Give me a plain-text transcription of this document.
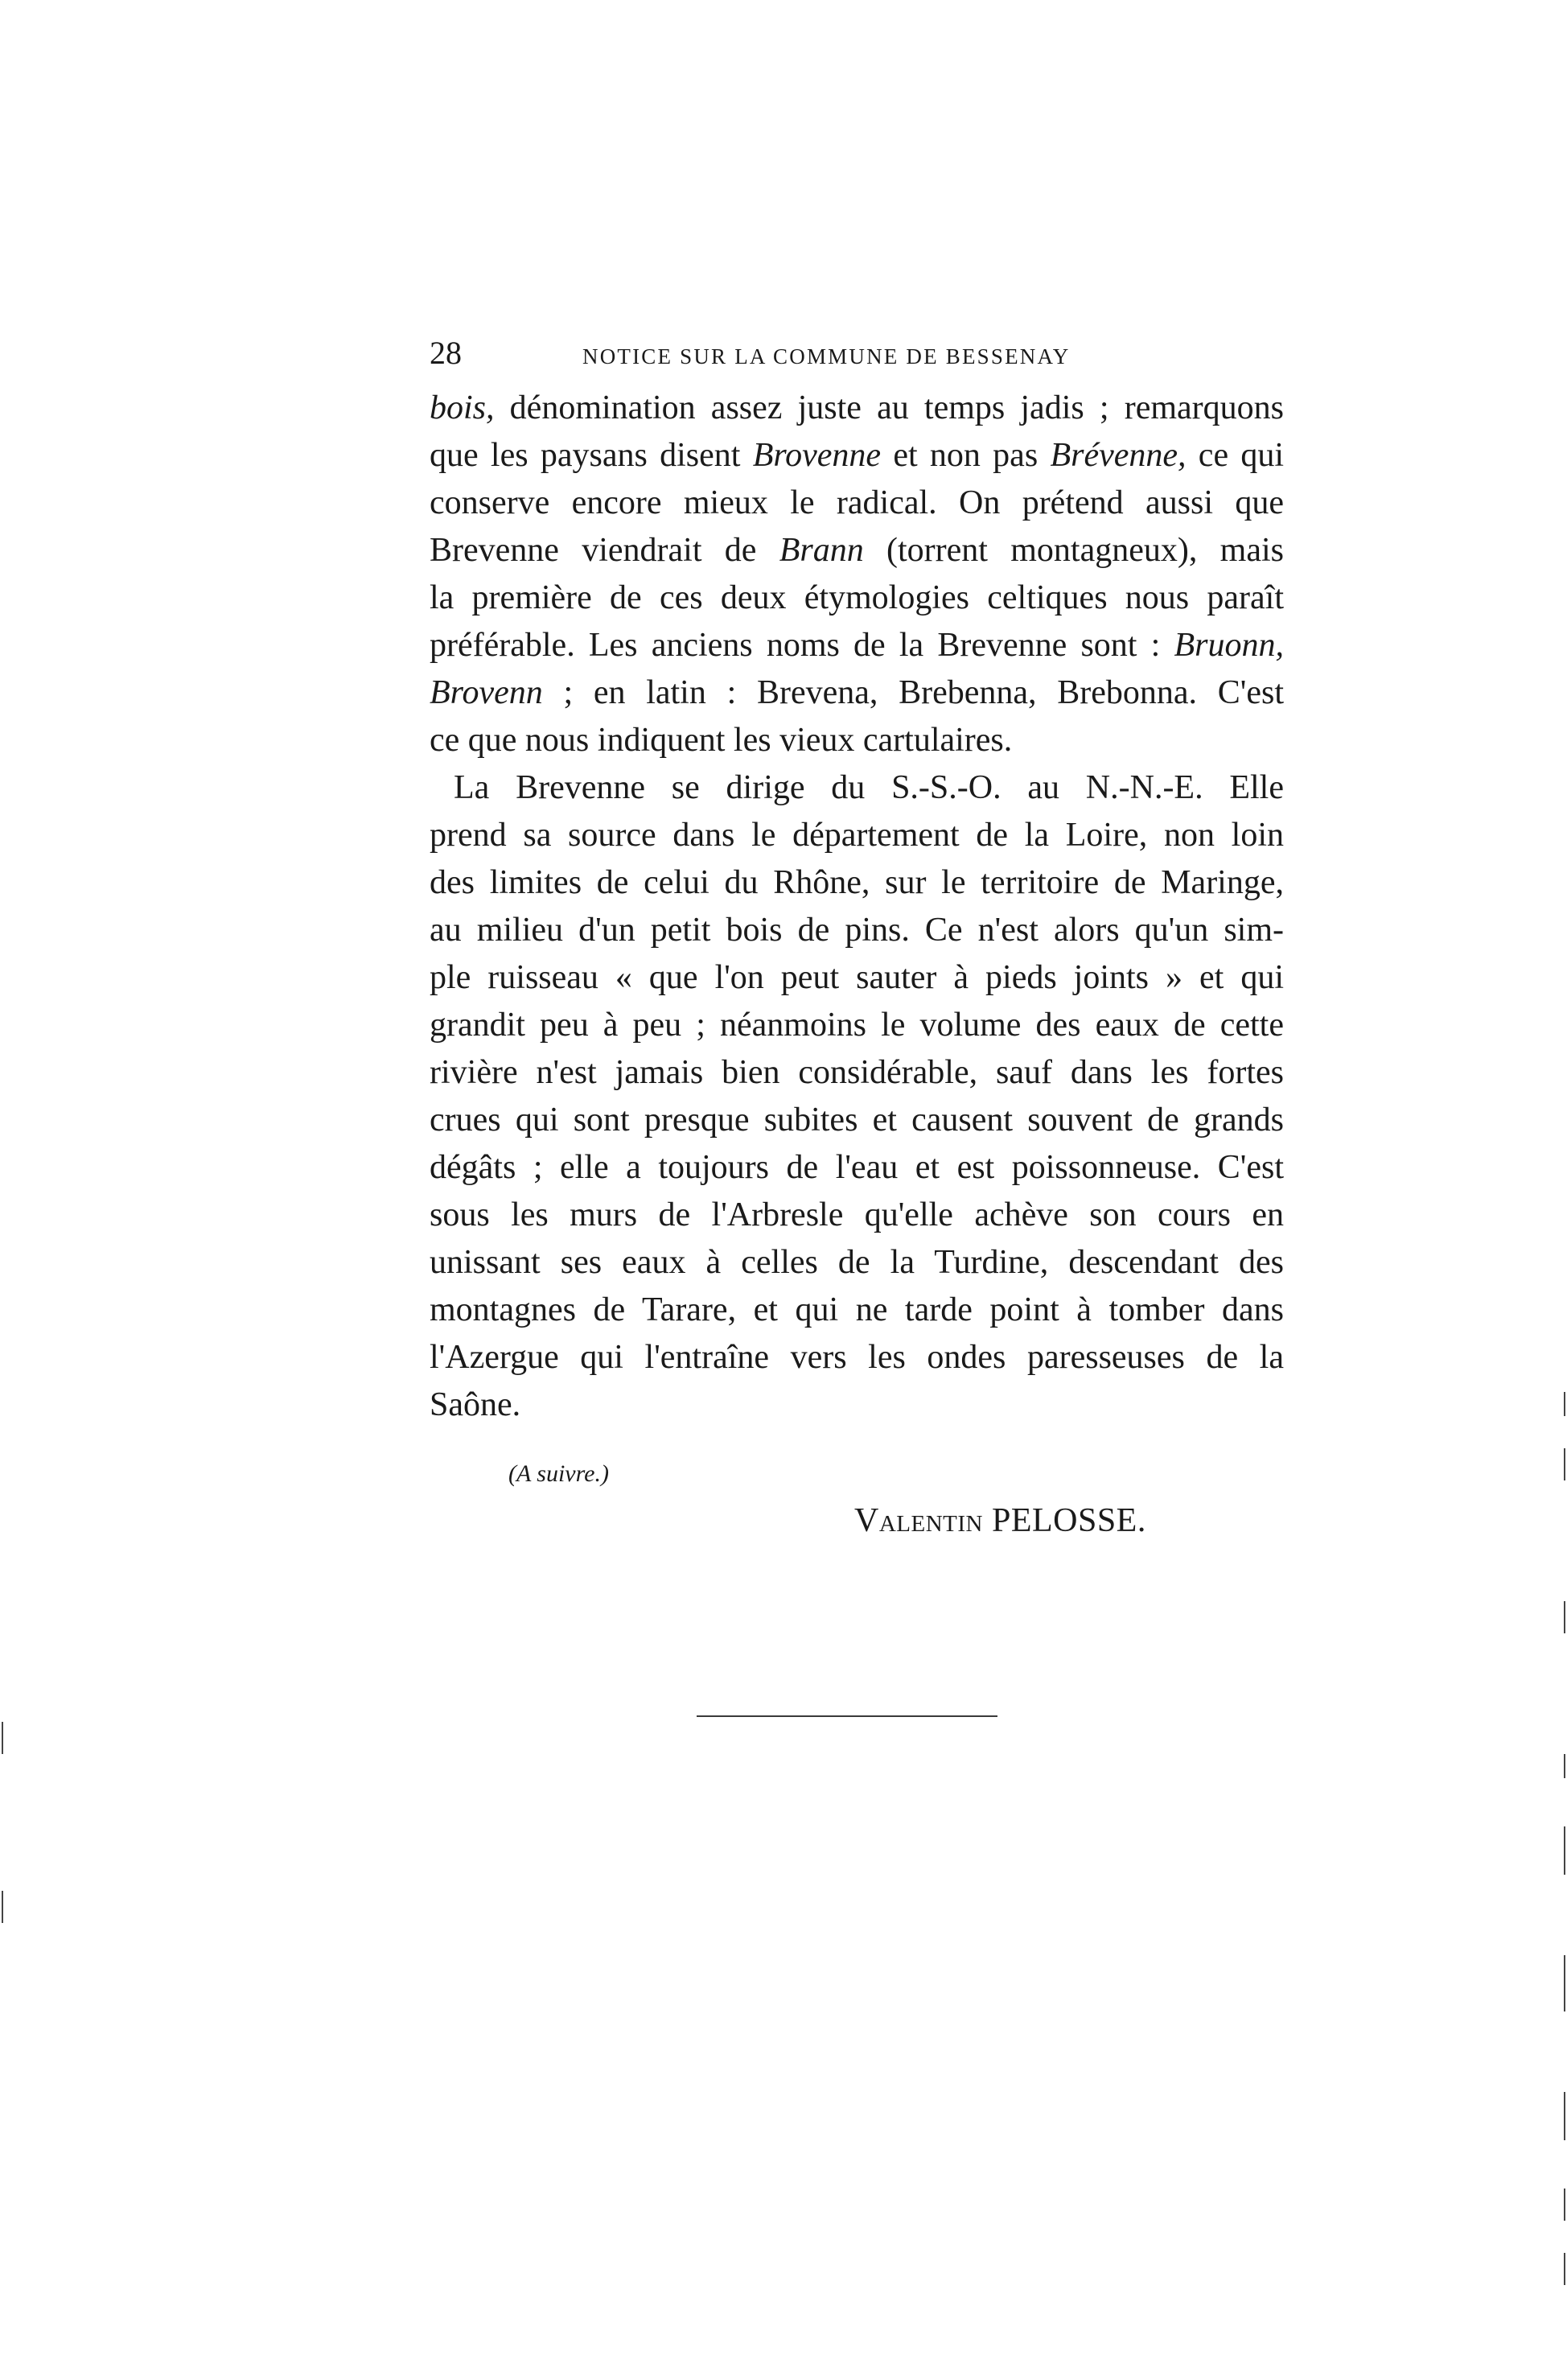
28	NOTICE SUR LA COMMUNE DE BESSENAY
bois, dénomination assez juste au temps jadis ; remarquons
que les paysans disent Brovenne et non pas Brévenne, ce qui
conserve encore mieux le radical. On prétend aussi que
Brevenne viendrait de Brann (torrent montagneux), mais
la première de ces deux étymologies celtiques nous paraît
préférable. Les anciens noms de la Brevenne sont : Bruonn,
Brovenn ; en latin : Brevena, Brebenna, Brebonna. C'est
ce que nous indiquent les vieux cartulaires.
La Brevenne se dirige du S.-S.-O. au N.-N.-E. Elle
prend sa source dans le département de la Loire, non loin
des limites de celui du Rhône, sur le territoire de Maringe,
au milieu d'un petit bois de pins. Ce n'est alors qu'un sim-
ple ruisseau « que l'on peut sauter à pieds joints » et qui
grandit peu à peu ; néanmoins le volume des eaux de cette
rivière n'est jamais bien considérable, sauf dans les fortes
crues qui sont presque subites et causent souvent de grands
dégâts ; elle a toujours de l'eau et est poissonneuse. C'est
sous les murs de l'Arbresle qu'elle achève son cours en
unissant ses eaux à celles de la Turdine, descendant des
montagnes de Tarare, et qui ne tarde point à tomber dans
l'Azergue qui l'entraîne vers les ondes paresseuses de la
Saône.
(A suivre.)
Valentin PELOSSE.
